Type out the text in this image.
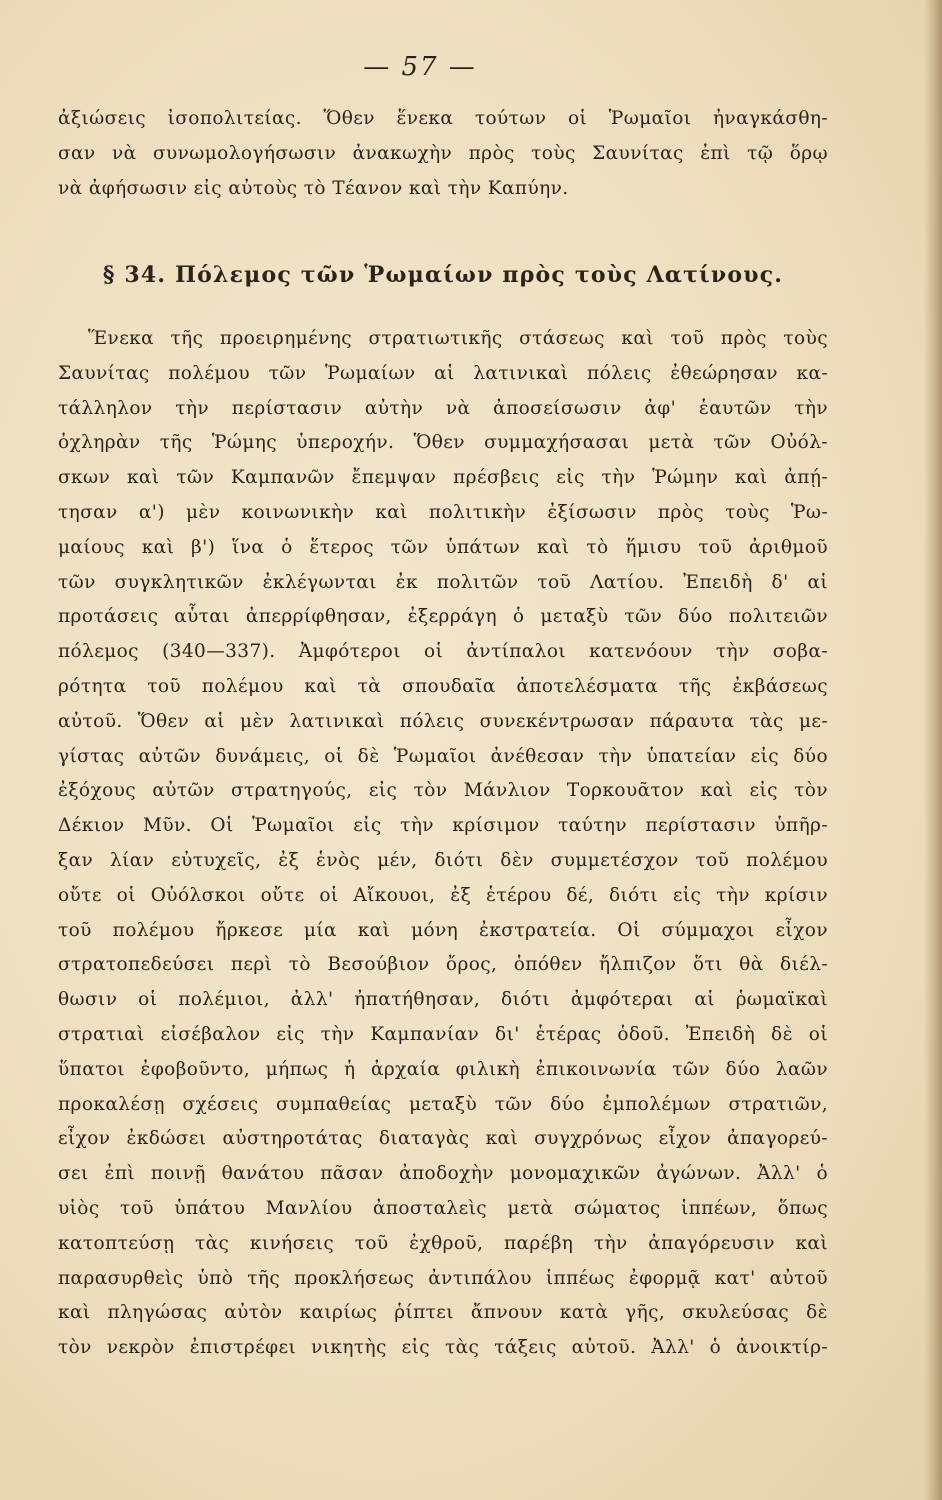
— 57 —
ἀξιώσεις ἰσοπολιτείας. Ὅθεν ἕνεκα τούτων οἱ Ῥωμαῖοι ἠναγκάσθη-
σαν νὰ συνωμολογήσωσιν ἀνακωχὴν πρὸς τοὺς Σαυνίτας ἐπὶ τῷ ὅρῳ
νὰ ἀφήσωσιν εἰς αὐτοὺς τὸ Τέανον καὶ τὴν Καπύην.
§ 34. Πόλεμος τῶν Ῥωμαίων πρὸς τοὺς Λατίνους.
Ἕνεκα τῆς προειρημένης στρατιωτικῆς στάσεως καὶ τοῦ πρὸς τοὺς
Σαυνίτας πολέμου τῶν Ῥωμαίων αἱ λατινικαὶ πόλεις ἐθεώρησαν κα-
τάλληλον τὴν περίστασιν αὐτὴν νὰ ἀποσείσωσιν ἀφ' ἑαυτῶν τὴν
ὀχληρὰν τῆς Ῥώμης ὑπεροχήν. Ὅθεν συμμαχήσασαι μετὰ τῶν Οὐόλ-
σκων καὶ τῶν Καμπανῶν ἔπεμψαν πρέσβεις εἰς τὴν Ῥώμην καὶ ἀπῄ-
τησαν α') μὲν κοινωνικὴν καὶ πολιτικὴν ἐξίσωσιν πρὸς τοὺς Ῥω-
μαίους καὶ β') ἵνα ὁ ἕτερος τῶν ὑπάτων καὶ τὸ ἥμισυ τοῦ ἀριθμοῦ
τῶν συγκλητικῶν ἐκλέγωνται ἐκ πολιτῶν τοῦ Λατίου. Ἐπειδὴ δ' αἱ
προτάσεις αὗται ἀπερρίφθησαν, ἐξερράγη ὁ μεταξὺ τῶν δύο πολιτειῶν
πόλεμος (340—337). Ἀμφότεροι οἱ ἀντίπαλοι κατενόουν τὴν σοβα-
ρότητα τοῦ πολέμου καὶ τὰ σπουδαῖα ἀποτελέσματα τῆς ἐκβάσεως
αὐτοῦ. Ὅθεν αἱ μὲν λατινικαὶ πόλεις συνεκέντρωσαν πάραυτα τὰς με-
γίστας αὐτῶν δυνάμεις, οἱ δὲ Ῥωμαῖοι ἀνέθεσαν τὴν ὑπατείαν εἰς δύο
ἐξόχους αὐτῶν στρατηγούς, εἰς τὸν Μάνλιον Τορκουᾶτον καὶ εἰς τὸν
Δέκιον Μῦν. Οἱ Ῥωμαῖοι εἰς τὴν κρίσιμον ταύτην περίστασιν ὑπῆρ-
ξαν λίαν εὐτυχεῖς, ἐξ ἑνὸς μέν, διότι δὲν συμμετέσχον τοῦ πολέμου
οὔτε οἱ Οὐόλσκοι οὔτε οἱ Αἴκουοι, ἐξ ἑτέρου δέ, διότι εἰς τὴν κρίσιν
τοῦ πολέμου ἤρκεσε μία καὶ μόνη ἐκστρατεία. Οἱ σύμμαχοι εἶχον
στρατοπεδεύσει περὶ τὸ Βεσούβιον ὄρος, ὁπόθεν ἤλπιζον ὅτι θὰ διέλ-
θωσιν οἱ πολέμιοι, ἀλλ' ἠπατήθησαν, διότι ἀμφότεραι αἱ ῥωμαϊκαὶ
στρατιαὶ εἰσέβαλον εἰς τὴν Καμπανίαν δι' ἑτέρας ὁδοῦ. Ἐπειδὴ δὲ οἱ
ὕπατοι ἐφοβοῦντο, μήπως ἡ ἀρχαία φιλικὴ ἐπικοινωνία τῶν δύο λαῶν
προκαλέσῃ σχέσεις συμπαθείας μεταξὺ τῶν δύο ἐμπολέμων στρατιῶν,
εἶχον ἐκδώσει αὐστηροτάτας διαταγὰς καὶ συγχρόνως εἶχον ἀπαγορεύ-
σει ἐπὶ ποινῇ θανάτου πᾶσαν ἀποδοχὴν μονομαχικῶν ἀγώνων. Ἀλλ' ὁ
υἱὸς τοῦ ὑπάτου Μανλίου ἀποσταλεὶς μετὰ σώματος ἱππέων, ὅπως
κατοπτεύσῃ τὰς κινήσεις τοῦ ἐχθροῦ, παρέβη τὴν ἀπαγόρευσιν καὶ
παρασυρθεὶς ὑπὸ τῆς προκλήσεως ἀντιπάλου ἱππέως ἐφορμᾷ κατ' αὐτοῦ
καὶ πληγώσας αὐτὸν καιρίως ῥίπτει ἄπνουν κατὰ γῆς, σκυλεύσας δὲ
τὸν νεκρὸν ἐπιστρέφει νικητὴς εἰς τὰς τάξεις αὐτοῦ. Ἀλλ' ὁ ἀνοικτίρ-
